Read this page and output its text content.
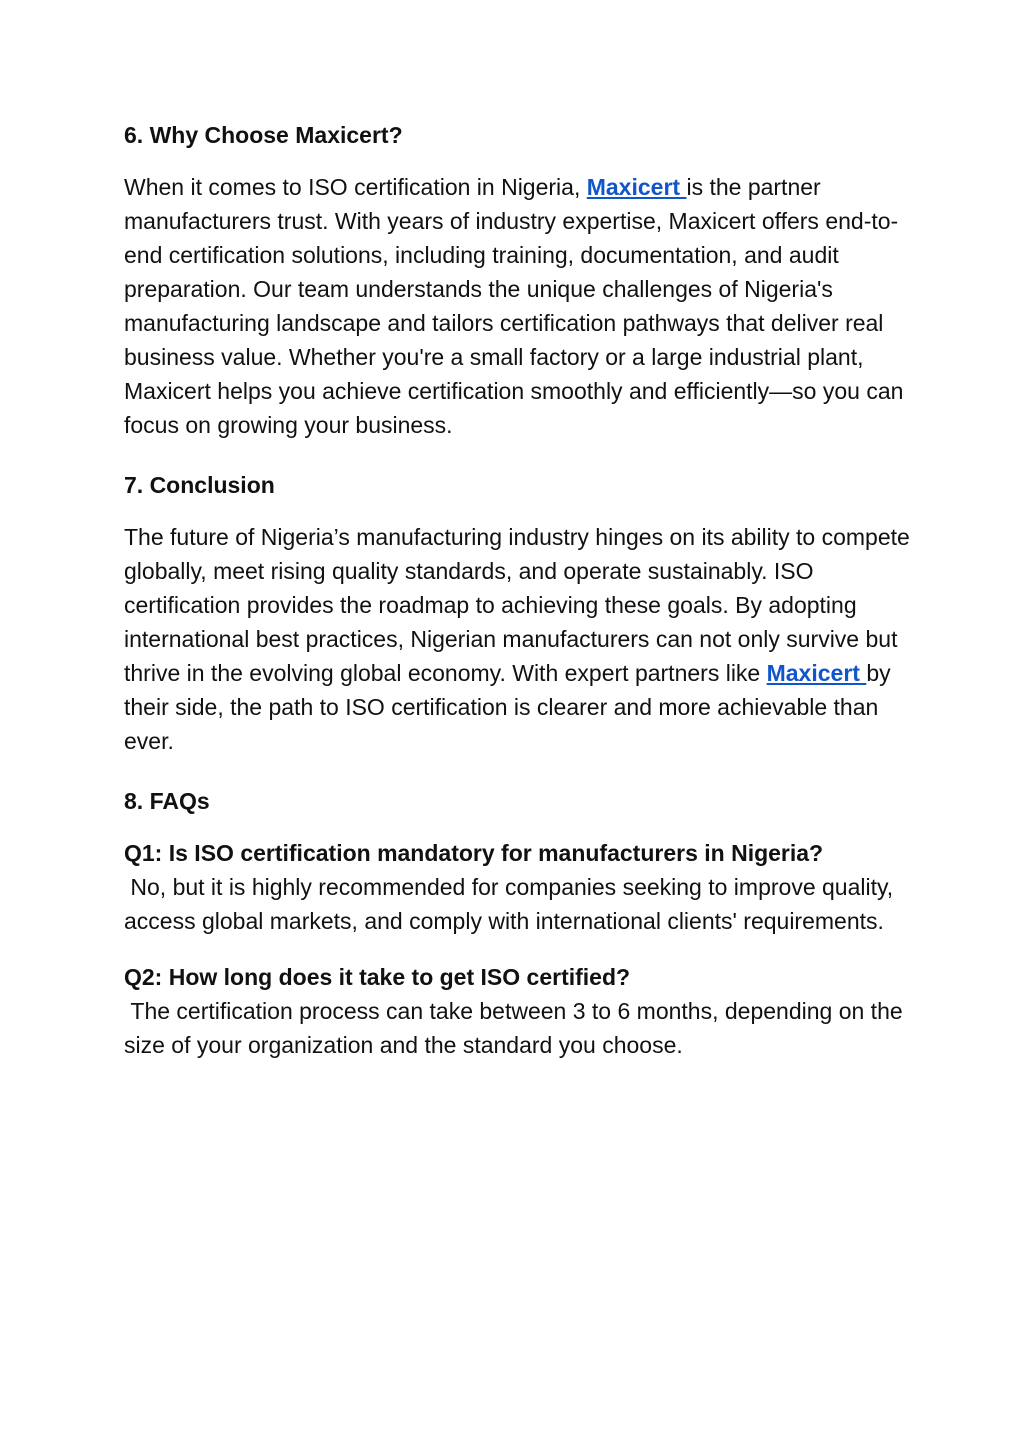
6. Why Choose Maxicert?

When it comes to ISO certification in Nigeria, Maxicert is the partner manufacturers trust. With years of industry expertise, Maxicert offers end-to-end certification solutions, including training, documentation, and audit preparation. Our team understands the unique challenges of Nigeria's manufacturing landscape and tailors certification pathways that deliver real business value. Whether you're a small factory or a large industrial plant, Maxicert helps you achieve certification smoothly and efficiently—so you can focus on growing your business.

7. Conclusion

The future of Nigeria’s manufacturing industry hinges on its ability to compete globally, meet rising quality standards, and operate sustainably. ISO certification provides the roadmap to achieving these goals. By adopting international best practices, Nigerian manufacturers can not only survive but thrive in the evolving global economy. With expert partners like Maxicert by their side, the path to ISO certification is clearer and more achievable than ever.

8. FAQs

Q1: Is ISO certification mandatory for manufacturers in Nigeria?

No, but it is highly recommended for companies seeking to improve quality, access global markets, and comply with international clients' requirements.

Q2: How long does it take to get ISO certified?

The certification process can take between 3 to 6 months, depending on the size of your organization and the standard you choose.
